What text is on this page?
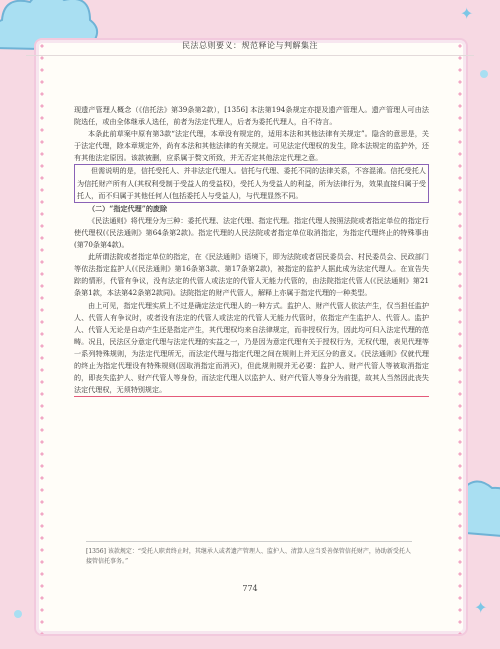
✦
✦
民法总则要义：规范释论与判解集注

现遗产管理人概念（《信托法》第39条第2款），[1356] 本法第194条规定亦提及遗产管理人。遗产管理人可由法院选任，或由全体继承人选任，前者为法定代理人，后者为委托代理人，自不待言。

本条此前草案中原有第3款“法定代理，本章没有规定的，适用本法和其他法律有关规定”。隐含的意思是，关于法定代理，除本章规定外，尚有本法和其他法律的有关规定。可见法定代理权的发生，除本法规定的监护外，还有其他法定原因。该款被删，应系属于赘文所致，并无否定其他法定代理之意。

但需说明的是，信托受托人、并非法定代理人。信托与代理、委托不同的法律关系，不容混淆。信托受托人为信托财产所有人(其权利受制于受益人的受益权)，受托人为受益人的利益，所为法律行为，效果直接归属于受托人，而不归属于其他任何人(包括委托人与受益人)，与代理显然不同。

（二）“指定代理”的废除

《民法通则》将代理分为三种：委托代理、法定代理、指定代理。指定代理人按照法院或者指定单位的指定行使代理权(《民法通则》第64条第2款)。指定代理的人民法院或者指定单位取消指定，为指定代理终止的特殊事由(第70条第4款)。

此所谓法院或者指定单位的指定，在《民法通则》语境下，即为法院或者居民委员会、村民委员会、民政部门等依法指定监护人(《民法通则》第16条第3款、第17条第2款)，被指定的监护人据此成为法定代理人。在宣告失踪的情形，代管有争议，没有法定的代管人或法定的代管人无能力代管的，由法院指定代管人(《民法通则》第21条第1款，本法第42条第2款同)。法院指定的财产代管人，解释上亦属于指定代理的一种类型。

由上可见，指定代理实质上不过是确定法定代理人的一种方式。监护人、财产代管人依法产生，仅当担任监护人、代管人有争议时，或者没有法定的代管人或法定的代管人无能力代管时，依指定产生监护人、代管人。监护人、代管人无论是自动产生还是指定产生，其代理权均来自法律规定，而非授权行为，因此均可归入法定代理的范畴。况且，民法区分意定代理与法定代理的实益之一，乃是因为意定代理有关于授权行为，无权代理，表见代理等一系列特殊规则，为法定代理所无，而法定代理与指定代理之间在规则上并无区分的意义。《民法通则》仅就代理的终止为指定代理设有特殊规则(因取消指定而消灭)，但此规则规并无必要：监护人、财产代管人等被取消指定的，即丧失监护人、财产代管人等身份，而法定代理人以监护人、财产代管人等身分为前提，故其人当然因此丧失法定代理权，无须特别规定。

[1356] 该款规定：“受托人职责终止时，其继承人或者遗产管理人、监护人、清算人应当妥善保管信托财产，协助新受托人接管信托事务。”
774
